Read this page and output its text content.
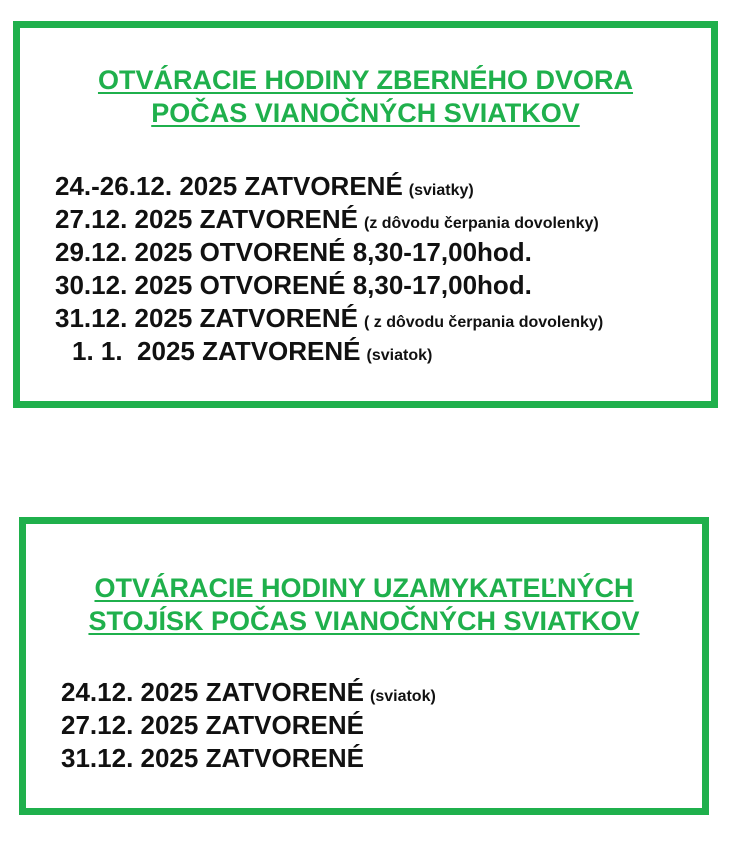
OTVÁRACIE HODINY ZBERNÉHO DVORA
POČAS VIANOČNÝCH SVIATKOV
24.-26.12. 2025 ZATVORENÉ (sviatky)
27.12. 2025 ZATVORENÉ (z dôvodu čerpania dovolenky)
29.12. 2025 OTVORENÉ 8,30-17,00hod.
30.12. 2025 OTVORENÉ 8,30-17,00hod.
31.12. 2025 ZATVORENÉ ( z dôvodu čerpania dovolenky)
1. 1.  2025 ZATVORENÉ (sviatok)
OTVÁRACIE HODINY UZAMYKATEĽNÝCH
STOJÍSK POČAS VIANOČNÝCH SVIATKOV
24.12. 2025 ZATVORENÉ (sviatok)
27.12. 2025 ZATVORENÉ
31.12. 2025 ZATVORENÉ
